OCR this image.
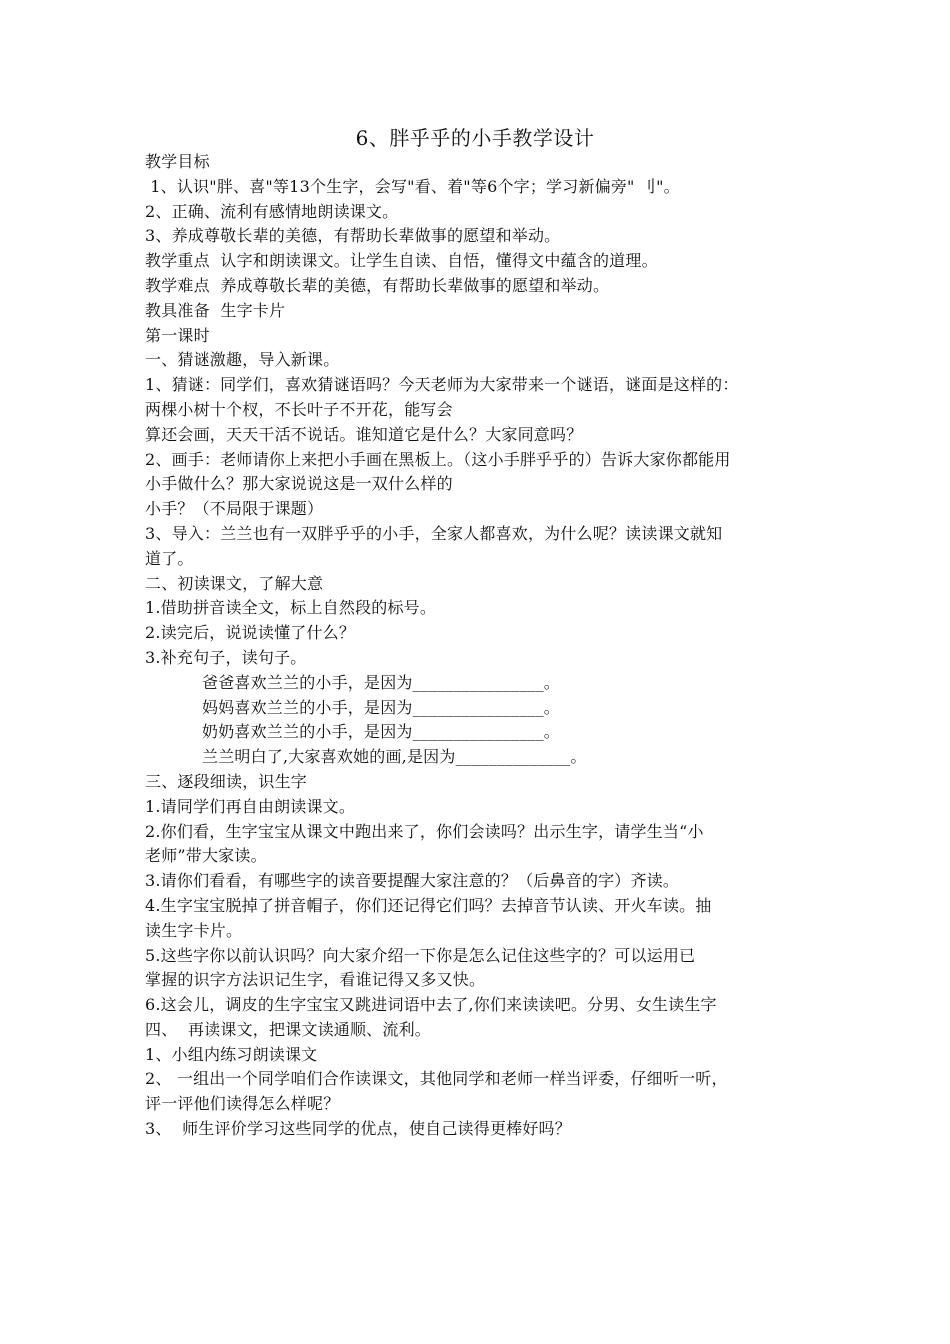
6、胖乎乎的小手教学设计
教学目标
1、认识"胖、喜"等13个生字，会写"看、着"等6个字；学习新偏旁" 刂"。
2、正确、流利有感情地朗读课文。
3、养成尊敬长辈的美德，有帮助长辈做事的愿望和举动。
教学重点  认字和朗读课文。让学生自读、自悟，懂得文中蕴含的道理。
教学难点  养成尊敬长辈的美德，有帮助长辈做事的愿望和举动。
教具准备  生字卡片
第一课时
一、猜谜激趣，导入新课。
1、猜谜：同学们，喜欢猜谜语吗？今天老师为大家带来一个谜语，谜面是这样的：
两棵小树十个杈，不长叶子不开花，能写会
算还会画，天天干活不说话。谁知道它是什么？大家同意吗？
2、画手：老师请你上来把小手画在黑板上。（这小手胖乎乎的）告诉大家你都能用
小手做什么？那大家说说这是一双什么样的
小手？（不局限于课题）
3、导入：兰兰也有一双胖乎乎的小手，全家人都喜欢，为什么呢？读读课文就知
道了。
二、初读课文，了解大意
1.借助拼音读全文，标上自然段的标号。
2.读完后，说说读懂了什么？
3.补充句子，读句子。
爸爸喜欢兰兰的小手，是因为________________。
妈妈喜欢兰兰的小手，是因为________________。
奶奶喜欢兰兰的小手，是因为________________。
兰兰明白了,大家喜欢她的画,是因为______________。
三、逐段细读，识生字
1.请同学们再自由朗读课文。
2.你们看，生字宝宝从课文中跑出来了，你们会读吗？出示生字，请学生当“小
老师”带大家读。
3.请你们看看，有哪些字的读音要提醒大家注意的？（后鼻音的字）齐读。
4.生字宝宝脱掉了拼音帽子，你们还记得它们吗？去掉音节认读、开火车读。抽
读生字卡片。
5.这些字你以前认识吗？向大家介绍一下你是怎么记住这些字的？可以运用已
掌握的识字方法识记生字，看谁记得又多又快。
6.这会儿，调皮的生字宝宝又跳进词语中去了,你们来读读吧。分男、女生读生字
四、  再读课文，把课文读通顺、流利。
1、小组内练习朗读课文
2、 一组出一个同学咱们合作读课文，其他同学和老师一样当评委，仔细听一听，
评一评他们读得怎么样呢？
3、  师生评价学习这些同学的优点，使自己读得更棒好吗？
